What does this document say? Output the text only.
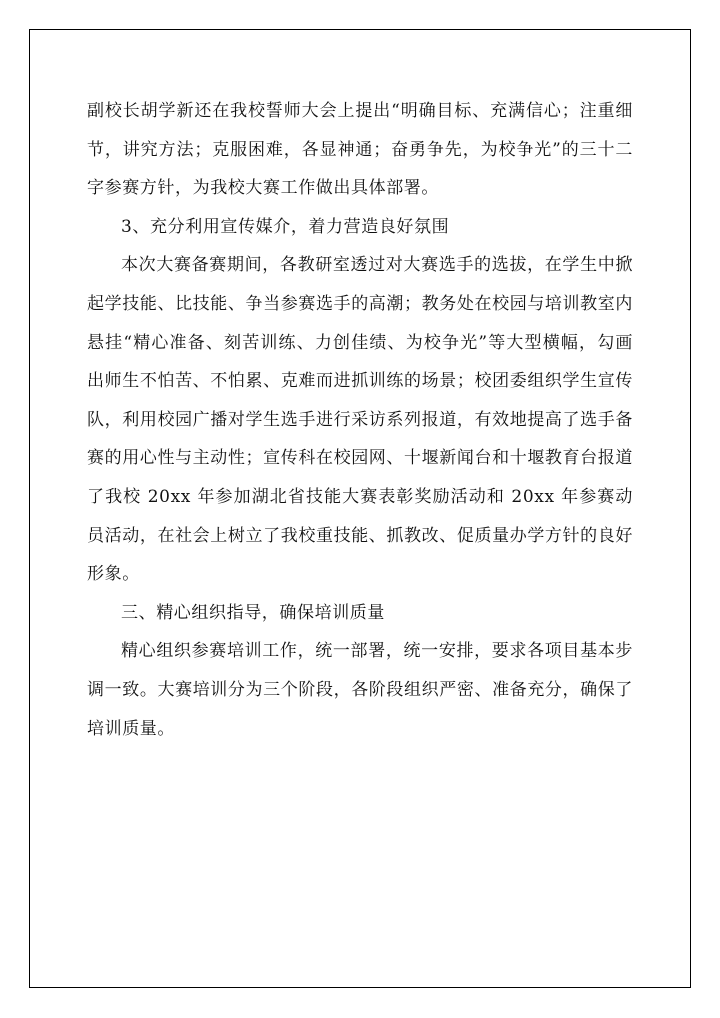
副校长胡学新还在我校誓师大会上提出“明确目标、充满信心；注重细节，讲究方法；克服困难，各显神通；奋勇争先，为校争光”的三十二字参赛方针，为我校大赛工作做出具体部署。

3、充分利用宣传媒介，着力营造良好氛围

本次大赛备赛期间，各教研室透过对大赛选手的选拔，在学生中掀起学技能、比技能、争当参赛选手的高潮；教务处在校园与培训教室内悬挂“精心准备、刻苦训练、力创佳绩、为校争光”等大型横幅，勾画出师生不怕苦、不怕累、克难而进抓训练的场景；校团委组织学生宣传队，利用校园广播对学生选手进行采访系列报道，有效地提高了选手备赛的用心性与主动性；宣传科在校园网、十堰新闻台和十堰教育台报道了我校 20xx 年参加湖北省技能大赛表彰奖励活动和 20xx 年参赛动员活动，在社会上树立了我校重技能、抓教改、促质量办学方针的良好形象。

三、精心组织指导，确保培训质量

精心组织参赛培训工作，统一部署，统一安排，要求各项目基本步调一致。大赛培训分为三个阶段，各阶段组织严密、准备充分，确保了培训质量。
